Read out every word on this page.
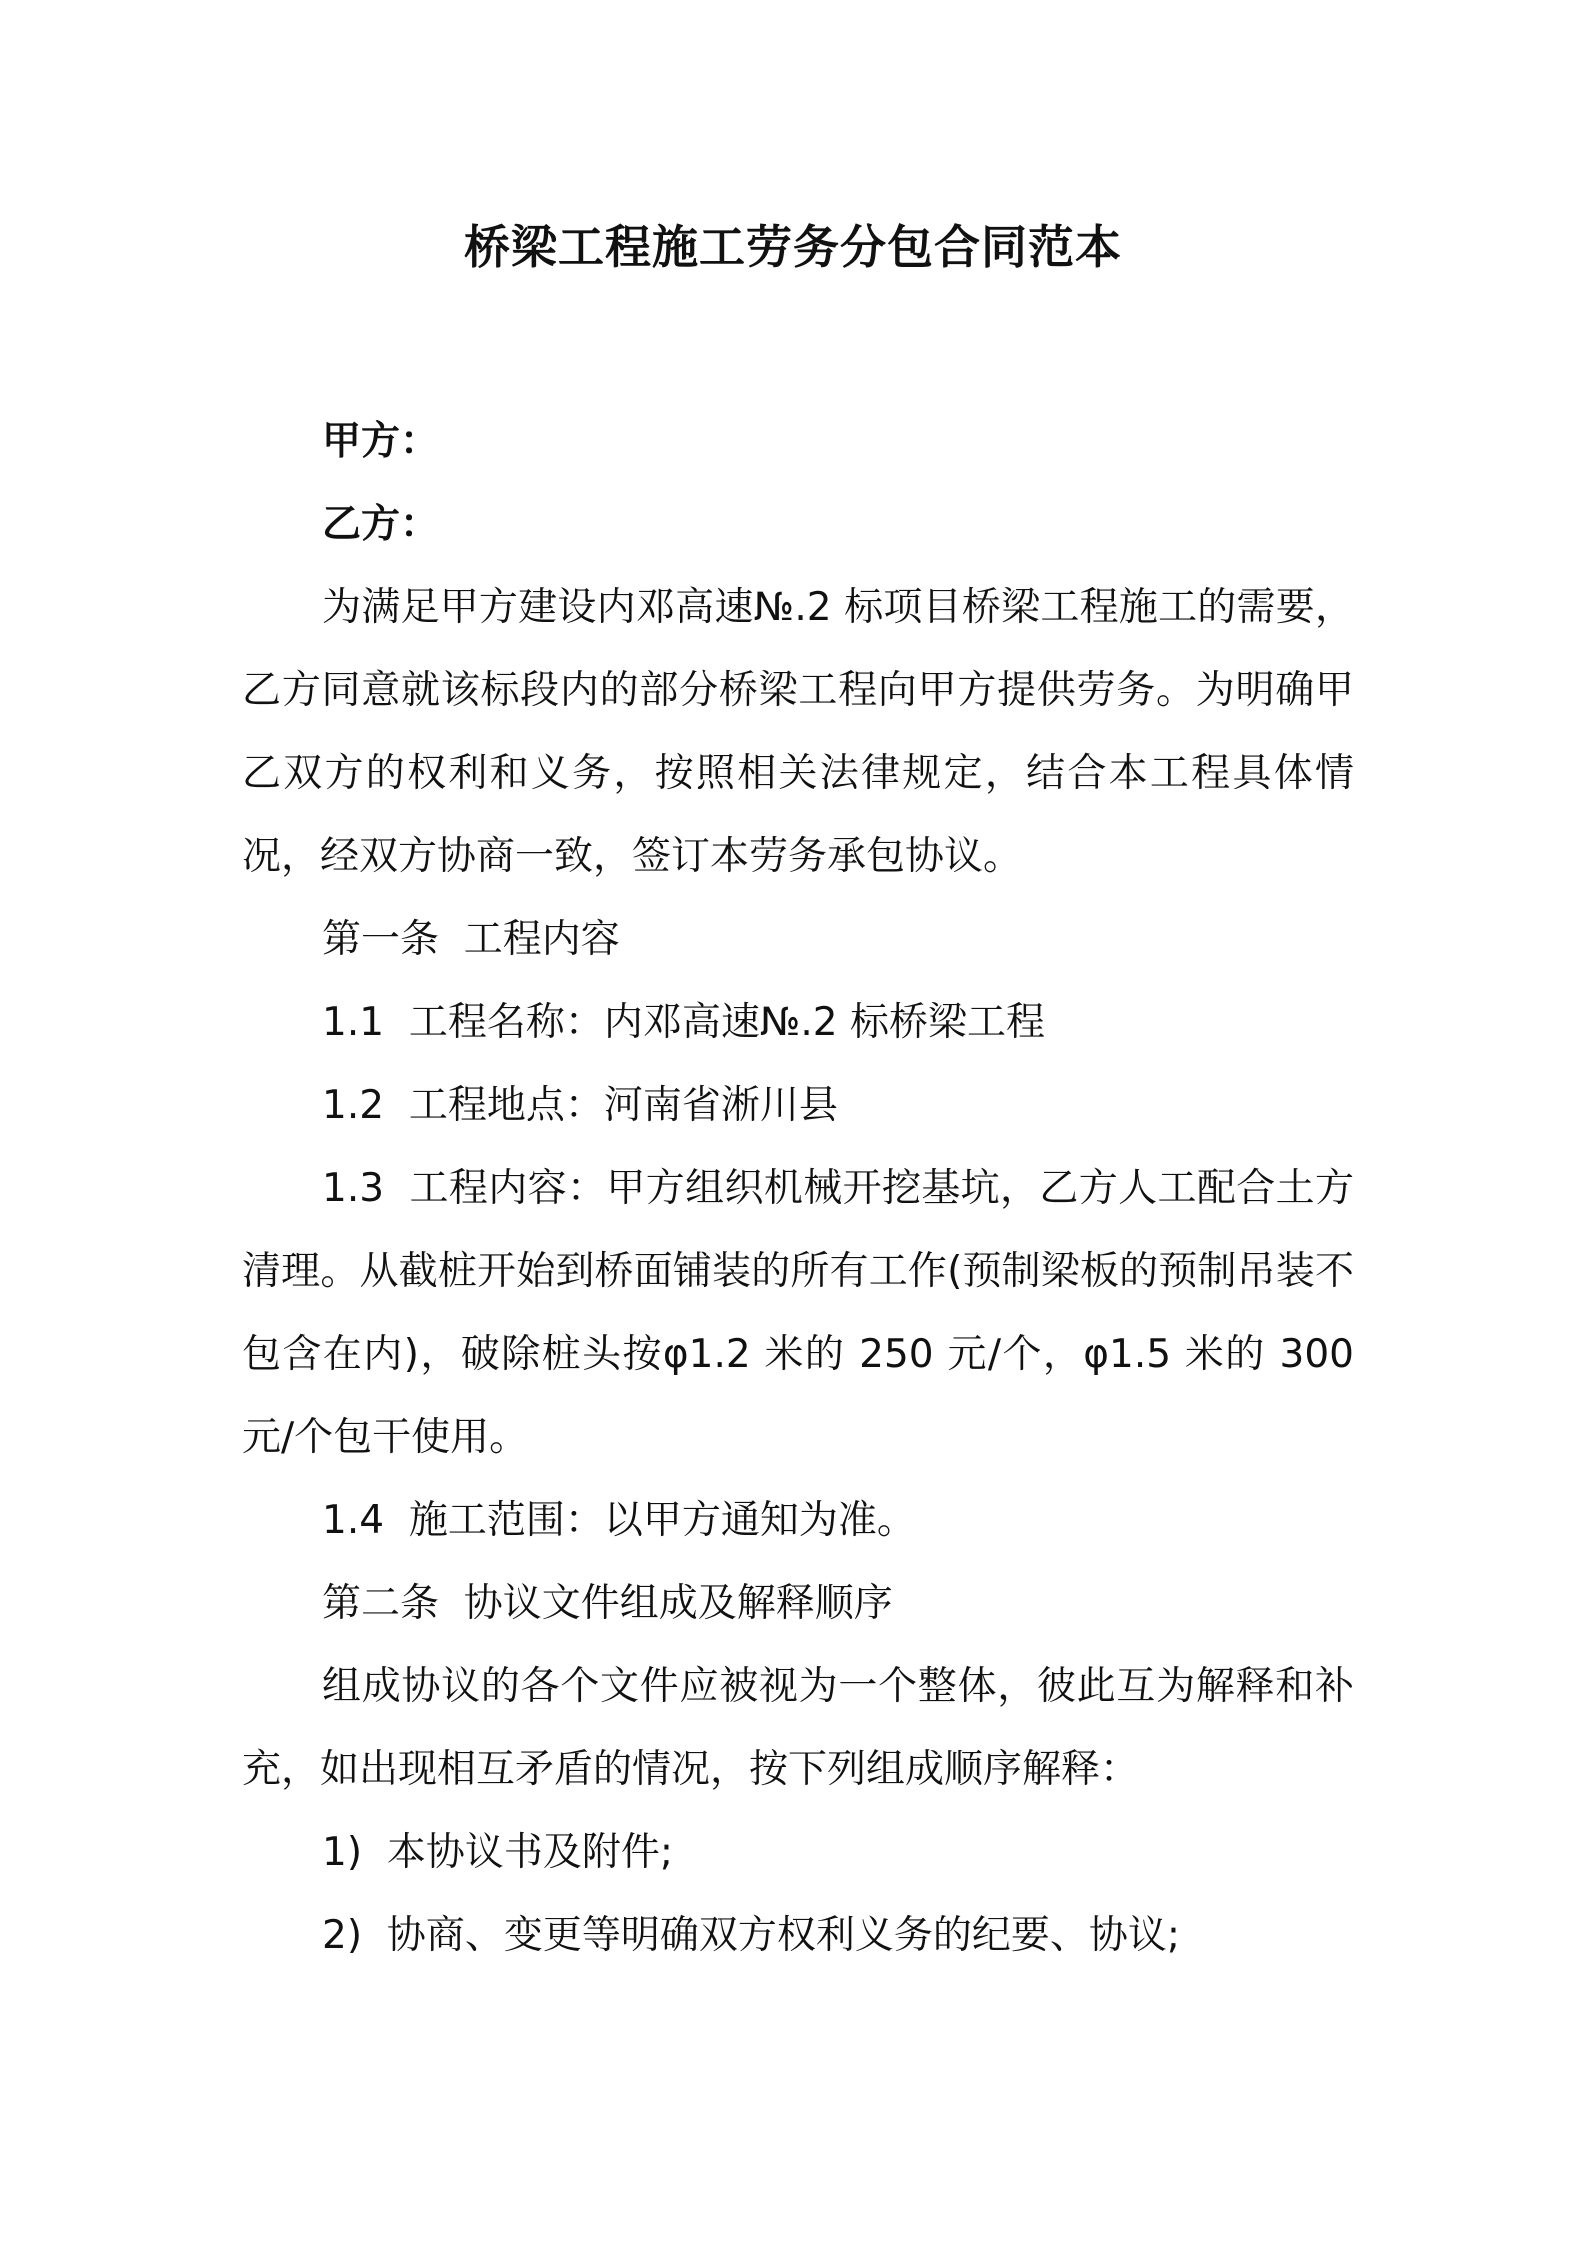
桥梁工程施工劳务分包合同范本

甲方：

乙方：

为满足甲方建设内邓高速№.2 标项目桥梁工程施工的需要，乙方同意就该标段内的部分桥梁工程向甲方提供劳务。为明确甲乙双方的权利和义务，按照相关法律规定，结合本工程具体情况，经双方协商一致，签订本劳务承包协议。

第一条  工程内容

1.1  工程名称：内邓高速№.2 标桥梁工程

1.2  工程地点：河南省淅川县

1.3  工程内容：甲方组织机械开挖基坑，乙方人工配合土方清理。从截桩开始到桥面铺装的所有工作(预制梁板的预制吊装不包含在内)，破除桩头按φ1.2 米的 250 元/个，φ1.5 米的 300 元/个包干使用。

1.4  施工范围：以甲方通知为准。

第二条  协议文件组成及解释顺序

组成协议的各个文件应被视为一个整体，彼此互为解释和补充，如出现相互矛盾的情况，按下列组成顺序解释：

1)  本协议书及附件;

2)  协商、变更等明确双方权利义务的纪要、协议;
